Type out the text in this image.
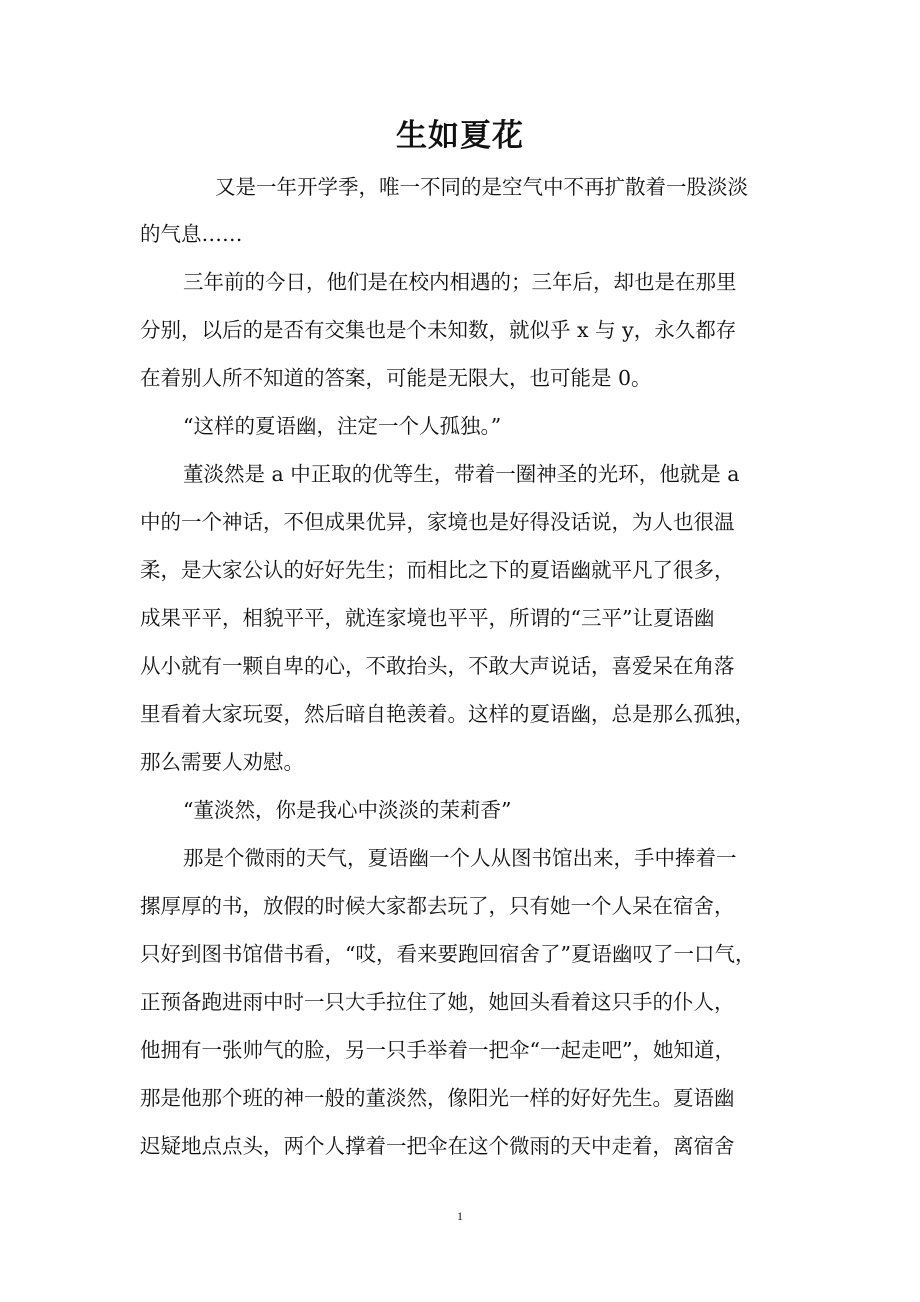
生如夏花
又是一年开学季，唯一不同的是空气中不再扩散着一股淡淡
的气息……
三年前的今日，他们是在校内相遇的；三年后，却也是在那里
分别，以后的是否有交集也是个未知数，就似乎 x 与 y，永久都存
在着别人所不知道的答案，可能是无限大，也可能是 0。
“这样的夏语幽，注定一个人孤独。”
董淡然是 a 中正取的优等生，带着一圈神圣的光环，他就是 a
中的一个神话，不但成果优异，家境也是好得没话说，为人也很温
柔，是大家公认的好好先生；而相比之下的夏语幽就平凡了很多，
成果平平，相貌平平，就连家境也平平，所谓的“三平”让夏语幽
从小就有一颗自卑的心，不敢抬头，不敢大声说话，喜爱呆在角落
里看着大家玩耍，然后暗自艳羡着。这样的夏语幽，总是那么孤独，
那么需要人劝慰。
“董淡然，你是我心中淡淡的茉莉香”
那是个微雨的天气，夏语幽一个人从图书馆出来，手中捧着一
摞厚厚的书，放假的时候大家都去玩了，只有她一个人呆在宿舍，
只好到图书馆借书看，“哎，看来要跑回宿舍了”夏语幽叹了一口气，
正预备跑进雨中时一只大手拉住了她，她回头看着这只手的仆人，
他拥有一张帅气的脸，另一只手举着一把伞“一起走吧”，她知道，
那是他那个班的神一般的董淡然，像阳光一样的好好先生。夏语幽
迟疑地点点头，两个人撑着一把伞在这个微雨的天中走着，离宿舍
1
